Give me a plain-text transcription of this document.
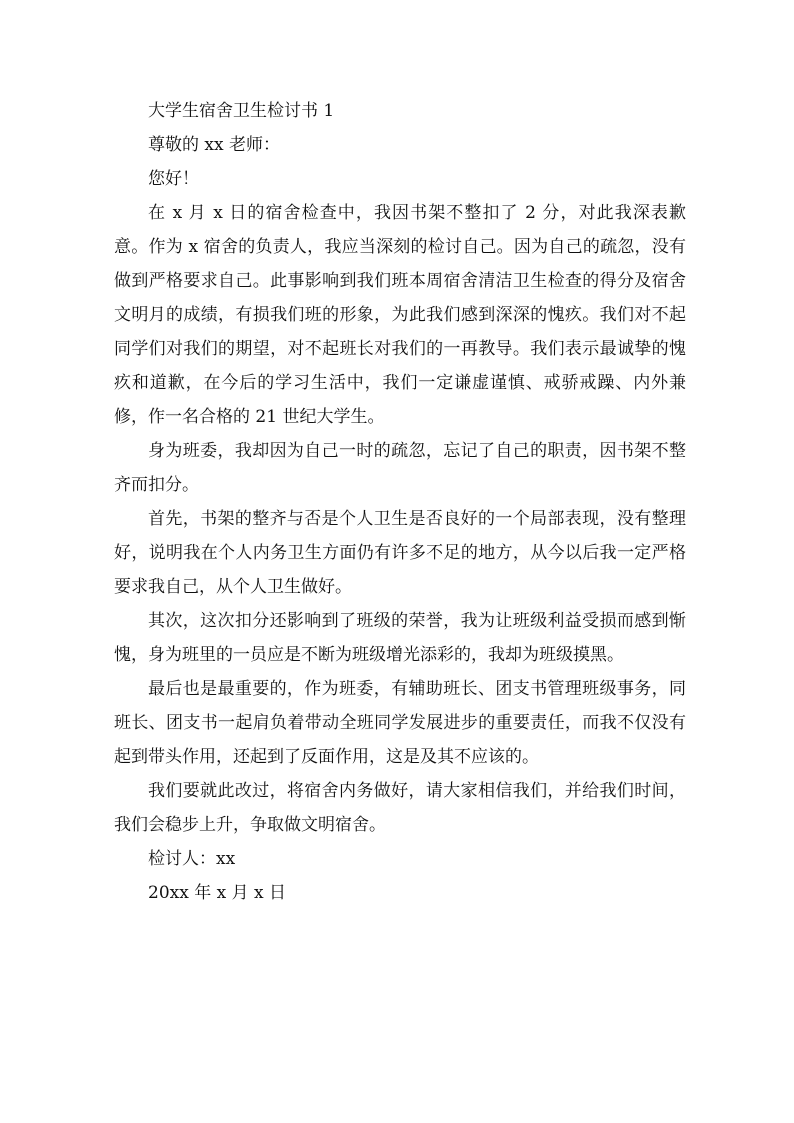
大学生宿舍卫生检讨书 1

尊敬的 xx 老师：

您好！

在 x 月 x 日的宿舍检查中，我因书架不整扣了 2 分，对此我深表歉意。作为 x 宿舍的负责人，我应当深刻的检讨自己。因为自己的疏忽，没有做到严格要求自己。此事影响到我们班本周宿舍清洁卫生检查的得分及宿舍文明月的成绩，有损我们班的形象，为此我们感到深深的愧疚。我们对不起同学们对我们的期望，对不起班长对我们的一再教导。我们表示最诚挚的愧疚和道歉，在今后的学习生活中，我们一定谦虚谨慎、戒骄戒躁、内外兼修，作一名合格的 21 世纪大学生。

身为班委，我却因为自己一时的疏忽，忘记了自己的职责，因书架不整齐而扣分。

首先，书架的整齐与否是个人卫生是否良好的一个局部表现，没有整理好，说明我在个人内务卫生方面仍有许多不足的地方，从今以后我一定严格要求我自己，从个人卫生做好。

其次，这次扣分还影响到了班级的荣誉，我为让班级利益受损而感到惭愧，身为班里的一员应是不断为班级增光添彩的，我却为班级摸黑。

最后也是最重要的，作为班委，有辅助班长、团支书管理班级事务，同班长、团支书一起肩负着带动全班同学发展进步的重要责任，而我不仅没有起到带头作用，还起到了反面作用，这是及其不应该的。

我们要就此改过，将宿舍内务做好，请大家相信我们，并给我们时间，我们会稳步上升，争取做文明宿舍。

检讨人：xx

20xx 年 x 月 x 日
